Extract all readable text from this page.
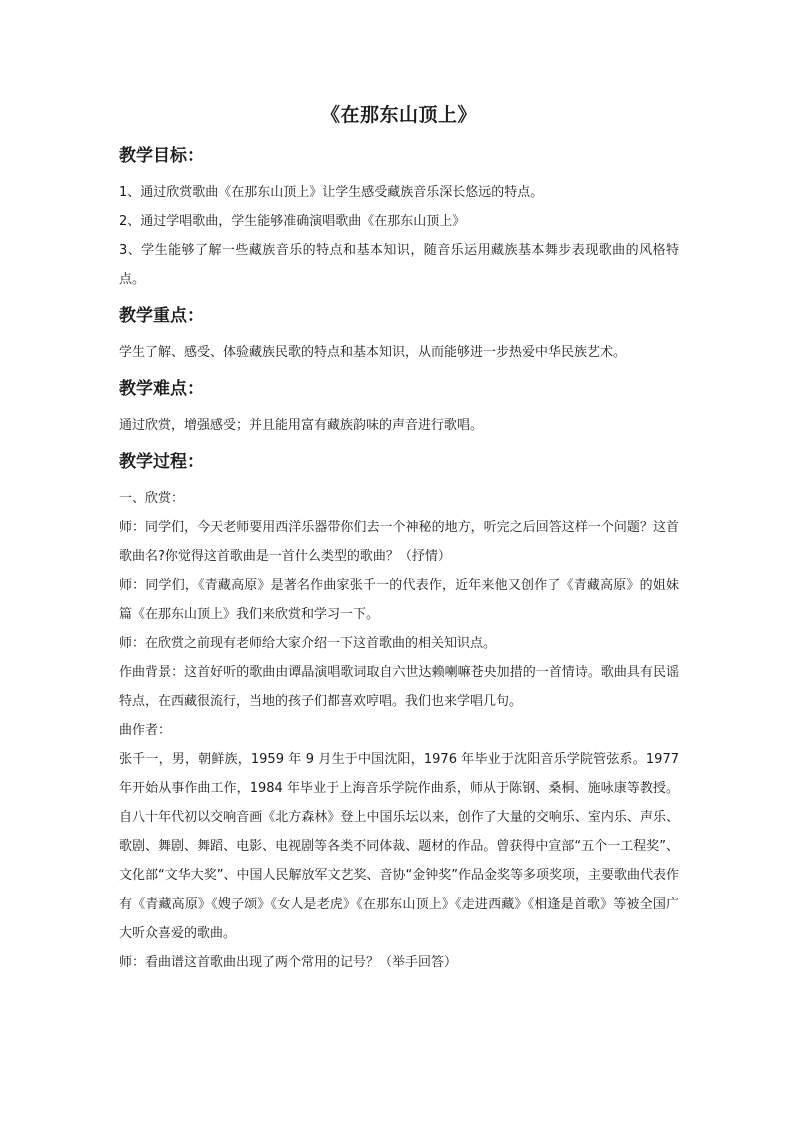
《在那东山顶上》
教学目标：

1、通过欣赏歌曲《在那东山顶上》让学生感受藏族音乐深长悠远的特点。

2、通过学唱歌曲，学生能够准确演唱歌曲《在那东山顶上》

3、学生能够了解一些藏族音乐的特点和基本知识，随音乐运用藏族基本舞步表现歌曲的风格特点。

教学重点：

学生了解、感受、体验藏族民歌的特点和基本知识，从而能够进一步热爱中华民族艺术。

教学难点：

通过欣赏，增强感受；并且能用富有藏族韵味的声音进行歌唱。

教学过程：

一、欣赏：

师：同学们，今天老师要用西洋乐器带你们去一个神秘的地方，听完之后回答这样一个问题？这首歌曲名?你觉得这首歌曲是一首什么类型的歌曲？（抒情）

师：同学们，《青藏高原》是著名作曲家张千一的代表作，近年来他又创作了《青藏高原》的姐妹篇《在那东山顶上》我们来欣赏和学习一下。

师：在欣赏之前现有老师给大家介绍一下这首歌曲的相关知识点。

作曲背景：这首好听的歌曲由谭晶演唱歌词取自六世达赖喇嘛苍央加措的一首情诗。歌曲具有民谣特点，在西藏很流行，当地的孩子们都喜欢哼唱。我们也来学唱几句。

曲作者：

张千一，男，朝鲜族，1959 年 9 月生于中国沈阳，1976 年毕业于沈阳音乐学院管弦系。1977年开始从事作曲工作，1984 年毕业于上海音乐学院作曲系，师从于陈钢、桑桐、施咏康等教授。自八十年代初以交响音画《北方森林》登上中国乐坛以来，创作了大量的交响乐、室内乐、声乐、歌剧、舞剧、舞蹈、电影、电视剧等各类不同体裁、题材的作品。曾获得中宣部“五个一工程奖”、文化部“文华大奖”、中国人民解放军文艺奖、音协“金钟奖”作品金奖等多项奖项，主要歌曲代表作有《青藏高原》《嫂子颂》《女人是老虎》《在那东山顶上》《走进西藏》《相逢是首歌》等被全国广大听众喜爱的歌曲。

师：看曲谱这首歌曲出现了两个常用的记号？（举手回答）
